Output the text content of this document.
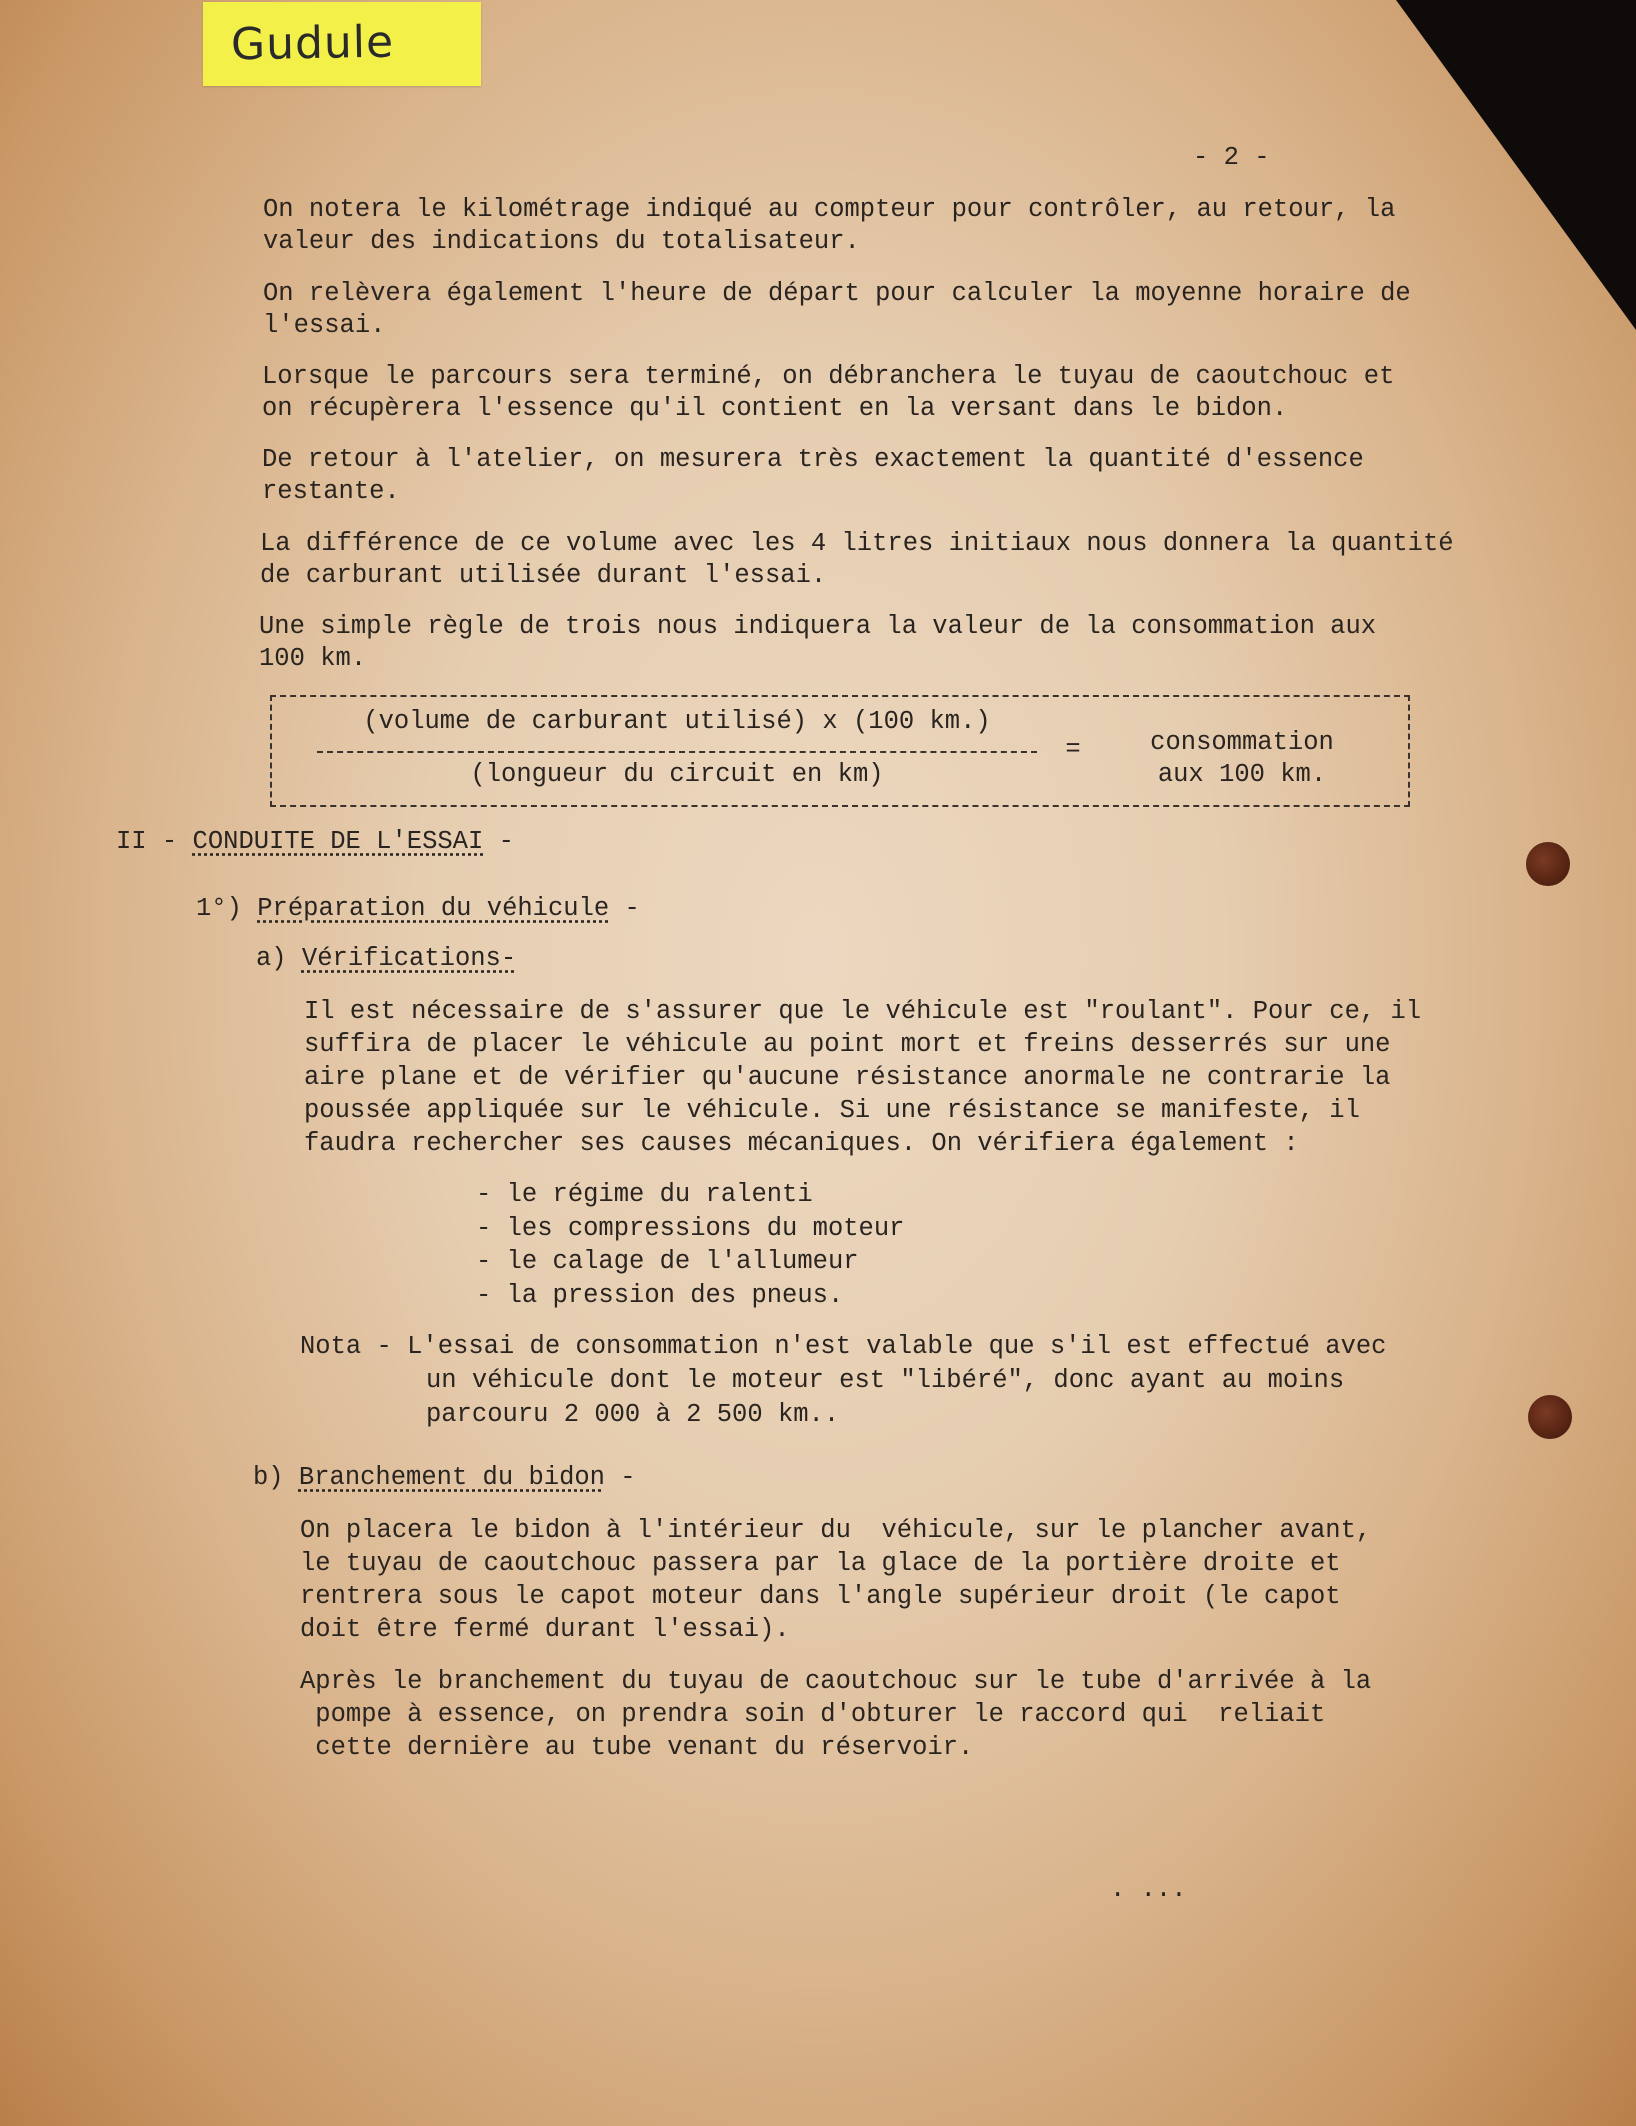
Gudule
- 2 -
On notera le kilométrage indiqué au compteur pour contrôler, au retour, la
valeur des indications du totalisateur.
On relèvera également l'heure de départ pour calculer la moyenne horaire de
l'essai.
Lorsque le parcours sera terminé, on débranchera le tuyau de caoutchouc et
on récupèrera l'essence qu'il contient en la versant dans le bidon.
De retour à l'atelier, on mesurera très exactement la quantité d'essence
restante.
La différence de ce volume avec les 4 litres initiaux nous donnera la quantité
de carburant utilisée durant l'essai.
Une simple règle de trois nous indiquera la valeur de la consommation aux
100 km.
(volume de carburant utilisé) x (100 km.)
(longueur du circuit en km)
=	consommation
aux 100 km.
II - CONDUITE DE L'ESSAI -
1°) Préparation du véhicule -
a) Vérifications-
Il est nécessaire de s'assurer que le véhicule est "roulant". Pour ce, il
suffira de placer le véhicule au point mort et freins desserrés sur une
aire plane et de vérifier qu'aucune résistance anormale ne contrarie la
poussée appliquée sur le véhicule. Si une résistance se manifeste, il
faudra rechercher ses causes mécaniques. On vérifiera également :
- le régime du ralenti
- les compressions du moteur
- le calage de l'allumeur
- la pression des pneus.
Nota - L'essai de consommation n'est valable que s'il est effectué avec
un véhicule dont le moteur est "libéré", donc ayant au moins
parcouru 2 000 à 2 500 km..
b) Branchement du bidon -
On placera le bidon à l'intérieur du  véhicule, sur le plancher avant,
le tuyau de caoutchouc passera par la glace de la portière droite et
rentrera sous le capot moteur dans l'angle supérieur droit (le capot
doit être fermé durant l'essai).
Après le branchement du tuyau de caoutchouc sur le tube d'arrivée à la
pompe à essence, on prendra soin d'obturer le raccord qui  reliait
cette dernière au tube venant du réservoir.
. ...
